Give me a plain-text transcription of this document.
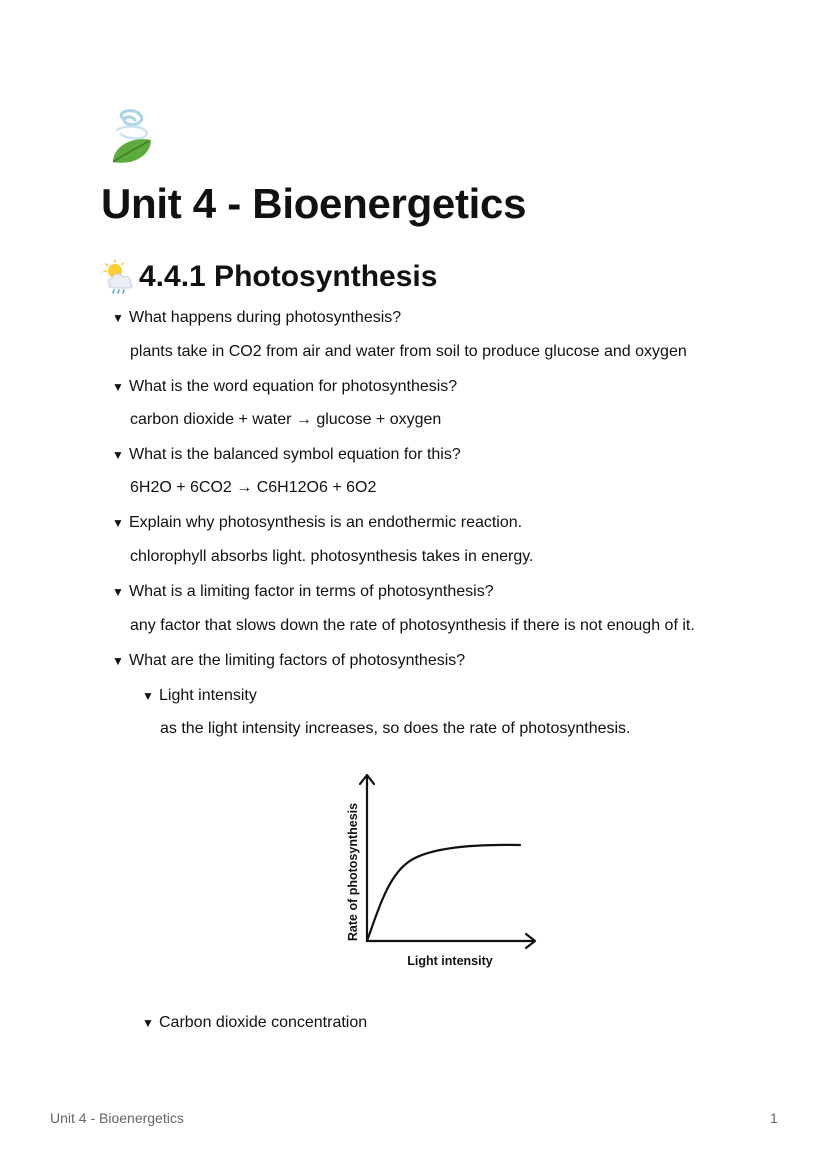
Unit 4 - Bioenergetics
4.4.1 Photosynthesis
▼ What happens during photosynthesis?
plants take in CO2 from air and water from soil to produce glucose and oxygen
▼ What is the word equation for photosynthesis?
carbon dioxide + water → glucose + oxygen
▼ What is the balanced symbol equation for this?
6H2O + 6CO2 → C6H12O6 + 6O2
▼ Explain why photosynthesis is an endothermic reaction.
chlorophyll absorbs light. photosynthesis takes in energy.
▼ What is a limiting factor in terms of photosynthesis?
any factor that slows down the rate of photosynthesis if there is not enough of it.
▼ What are the limiting factors of photosynthesis?
▼ Light intensity
as the light intensity increases, so does the rate of photosynthesis.
Light intensity
Rate of photosynthesis
▼ Carbon dioxide concentration
Unit 4 - Bioenergetics	1
